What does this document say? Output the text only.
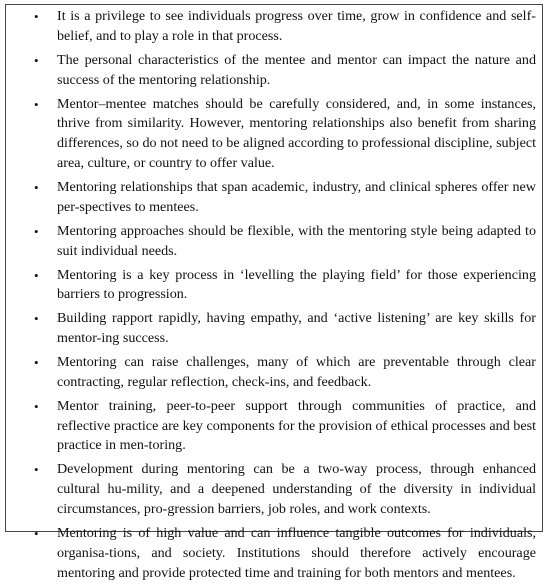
• It is a privilege to see individuals progress over time, grow in confidence and self-belief, and to play a role in that process.
• The personal characteristics of the mentee and mentor can impact the nature and success of the mentoring relationship.
• Mentor–mentee matches should be carefully considered, and, in some instances, thrive from similarity. However, mentoring relationships also benefit from sharing differences, so do not need to be aligned according to professional discipline, subject area, culture, or country to offer value.
• Mentoring relationships that span academic, industry, and clinical spheres offer new per-spectives to mentees.
• Mentoring approaches should be flexible, with the mentoring style being adapted to suit individual needs.
• Mentoring is a key process in ‘levelling the playing field’ for those experiencing barriers to progression.
• Building rapport rapidly, having empathy, and ‘active listening’ are key skills for mentor-ing success.
• Mentoring can raise challenges, many of which are preventable through clear contracting, regular reflection, check-ins, and feedback.
• Mentor training, peer-to-peer support through communities of practice, and reflective practice are key components for the provision of ethical processes and best practice in men-toring.
• Development during mentoring can be a two-way process, through enhanced cultural hu-mility, and a deepened understanding of the diversity in individual circumstances, pro-gression barriers, job roles, and work contexts.
• Mentoring is of high value and can influence tangible outcomes for individuals, organisa-tions, and society. Institutions should therefore actively encourage mentoring and provide protected time and training for both mentors and mentees.
